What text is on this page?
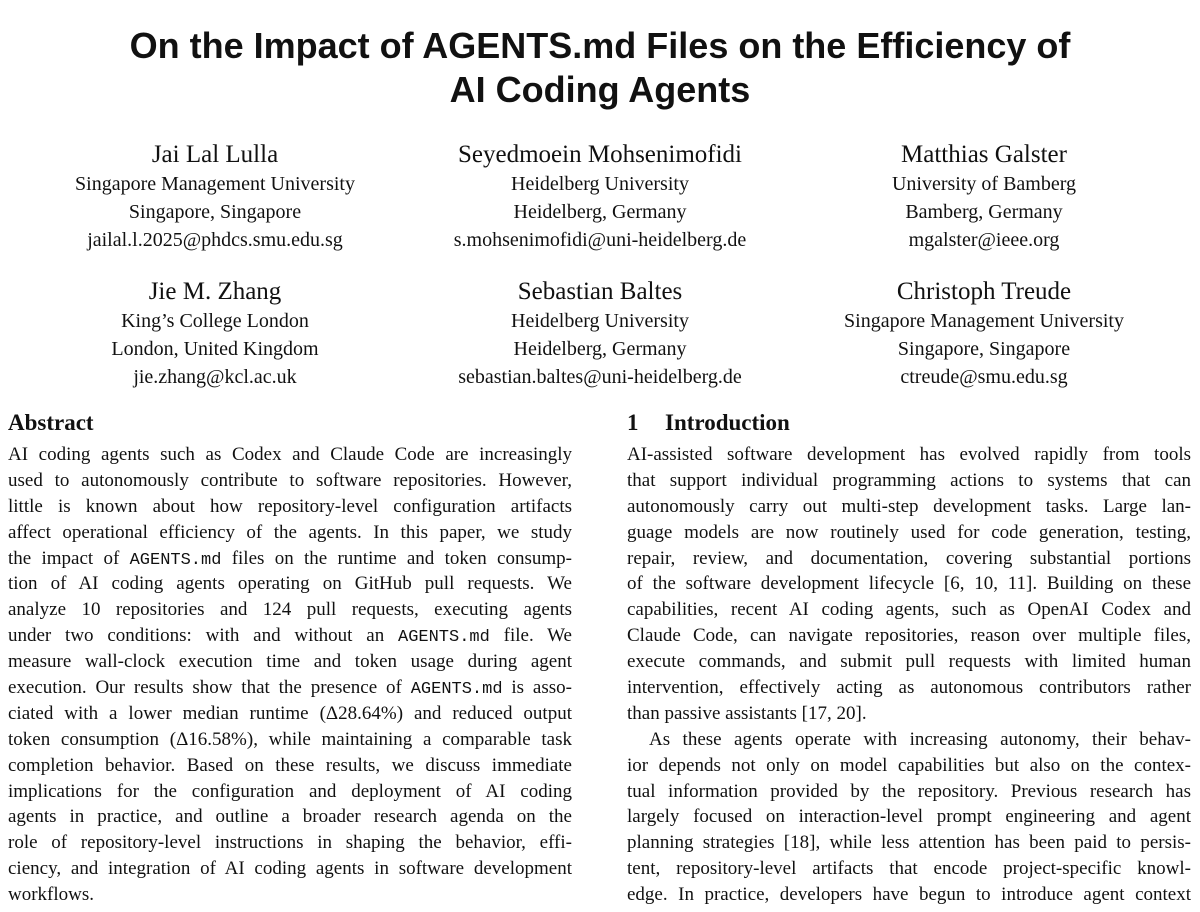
On the Impact of AGENTS.md Files on the Efficiency of
AI Coding Agents
Jai Lal Lulla
Singapore Management University
Singapore, Singapore
jailal.l.2025@phdcs.smu.edu.sg
Seyedmoein Mohsenimofidi
Heidelberg University
Heidelberg, Germany
s.mohsenimofidi@uni-heidelberg.de
Matthias Galster
University of Bamberg
Bamberg, Germany
mgalster@ieee.org
Jie M. Zhang
King’s College London
London, United Kingdom
jie.zhang@kcl.ac.uk
Sebastian Baltes
Heidelberg University
Heidelberg, Germany
sebastian.baltes@uni-heidelberg.de
Christoph Treude
Singapore Management University
Singapore, Singapore
ctreude@smu.edu.sg
Abstract
AI coding agents such as Codex and Claude Code are increasingly
used to autonomously contribute to software repositories. However,
little is known about how repository-level configuration artifacts
affect operational efficiency of the agents. In this paper, we study
the impact of AGENTS.md files on the runtime and token consump-
tion of AI coding agents operating on GitHub pull requests. We
analyze 10 repositories and 124 pull requests, executing agents
under two conditions: with and without an AGENTS.md file. We
measure wall-clock execution time and token usage during agent
execution. Our results show that the presence of AGENTS.md is asso-
ciated with a lower median runtime (Δ28.64%) and reduced output
token consumption (Δ16.58%), while maintaining a comparable task
completion behavior. Based on these results, we discuss immediate
implications for the configuration and deployment of AI coding
agents in practice, and outline a broader research agenda on the
role of repository-level instructions in shaping the behavior, effi-
ciency, and integration of AI coding agents in software development
workflows.
1 Introduction
AI-assisted software development has evolved rapidly from tools
that support individual programming actions to systems that can
autonomously carry out multi-step development tasks. Large lan-
guage models are now routinely used for code generation, testing,
repair, review, and documentation, covering substantial portions
of the software development lifecycle [6, 10, 11]. Building on these
capabilities, recent AI coding agents, such as OpenAI Codex and
Claude Code, can navigate repositories, reason over multiple files,
execute commands, and submit pull requests with limited human
intervention, effectively acting as autonomous contributors rather
than passive assistants [17, 20].
As these agents operate with increasing autonomy, their behav-
ior depends not only on model capabilities but also on the contex-
tual information provided by the repository. Previous research has
largely focused on interaction-level prompt engineering and agent
planning strategies [18], while less attention has been paid to persis-
tent, repository-level artifacts that encode project-specific knowl-
edge. In practice, developers have begun to introduce agent context
